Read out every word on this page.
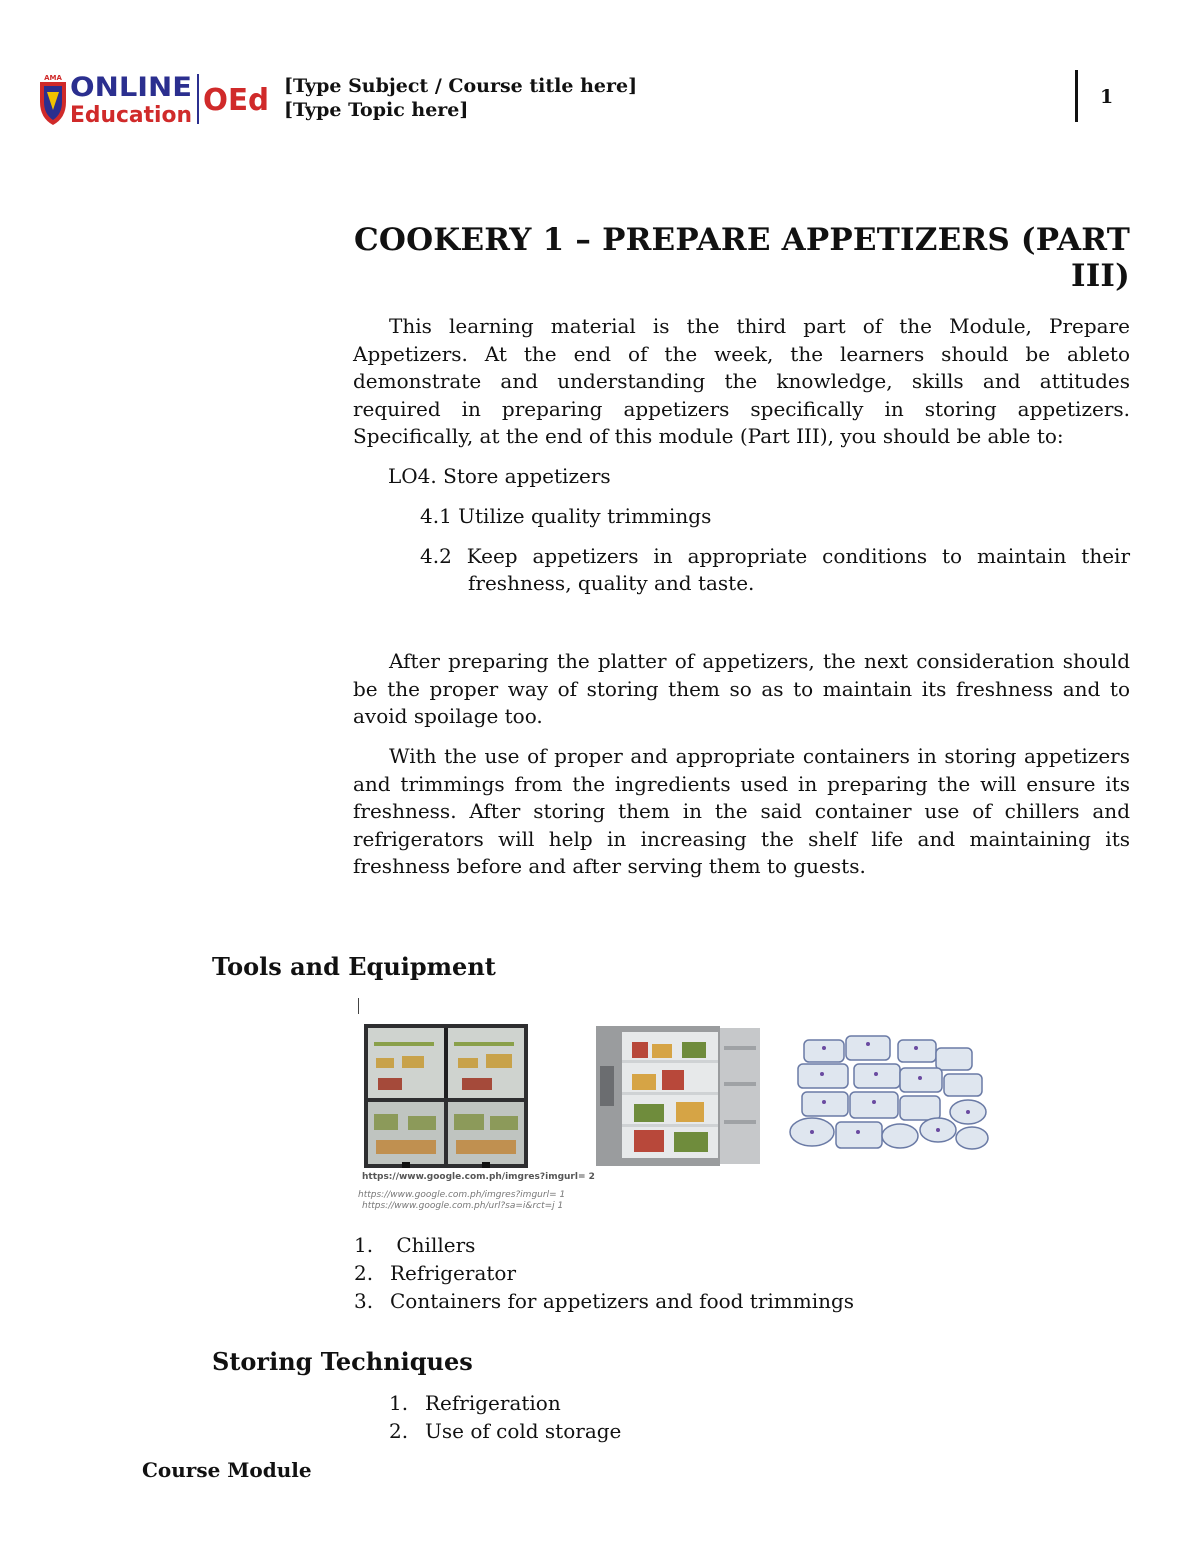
AMA ONLINE
Education OEd [Type Subject / Course title here]
[Type Topic here]
1
COOKERY 1 – PREPARE APPETIZERS (PART III)

This learning material is the third part of the Module, Prepare Appetizers. At the end of the week, the learners should be ableto demonstrate and understanding the knowledge, skills and attitudes required in preparing appetizers specifically in storing appetizers. Specifically, at the end of this module (Part III), you should be able to:

LO4. Store appetizers
4.1 Utilize quality trimmings
4.2 Keep appetizers in appropriate conditions to maintain their freshness, quality and taste.

After preparing the platter of appetizers, the next consideration should be the proper way of storing them so as to maintain its freshness and to avoid spoilage too.

With the use of proper and appropriate containers in storing appetizers and trimmings from the ingredients used in preparing the will ensure its freshness. After storing them in the said container use of chillers and refrigerators will help in increasing the shelf life and maintaining its freshness before and after serving them to guests.

Tools and Equipment
https://www.google.com.ph/imgres?imgurl= 2
https://www.google.com.ph/imgres?imgurl= 1
https://www.google.com.ph/url?sa=i&rct=j 1
1. Chillers
2. Refrigerator
3. Containers for appetizers and food trimmings
Storing Techniques
1. Refrigeration
2. Use of cold storage
Course Module
